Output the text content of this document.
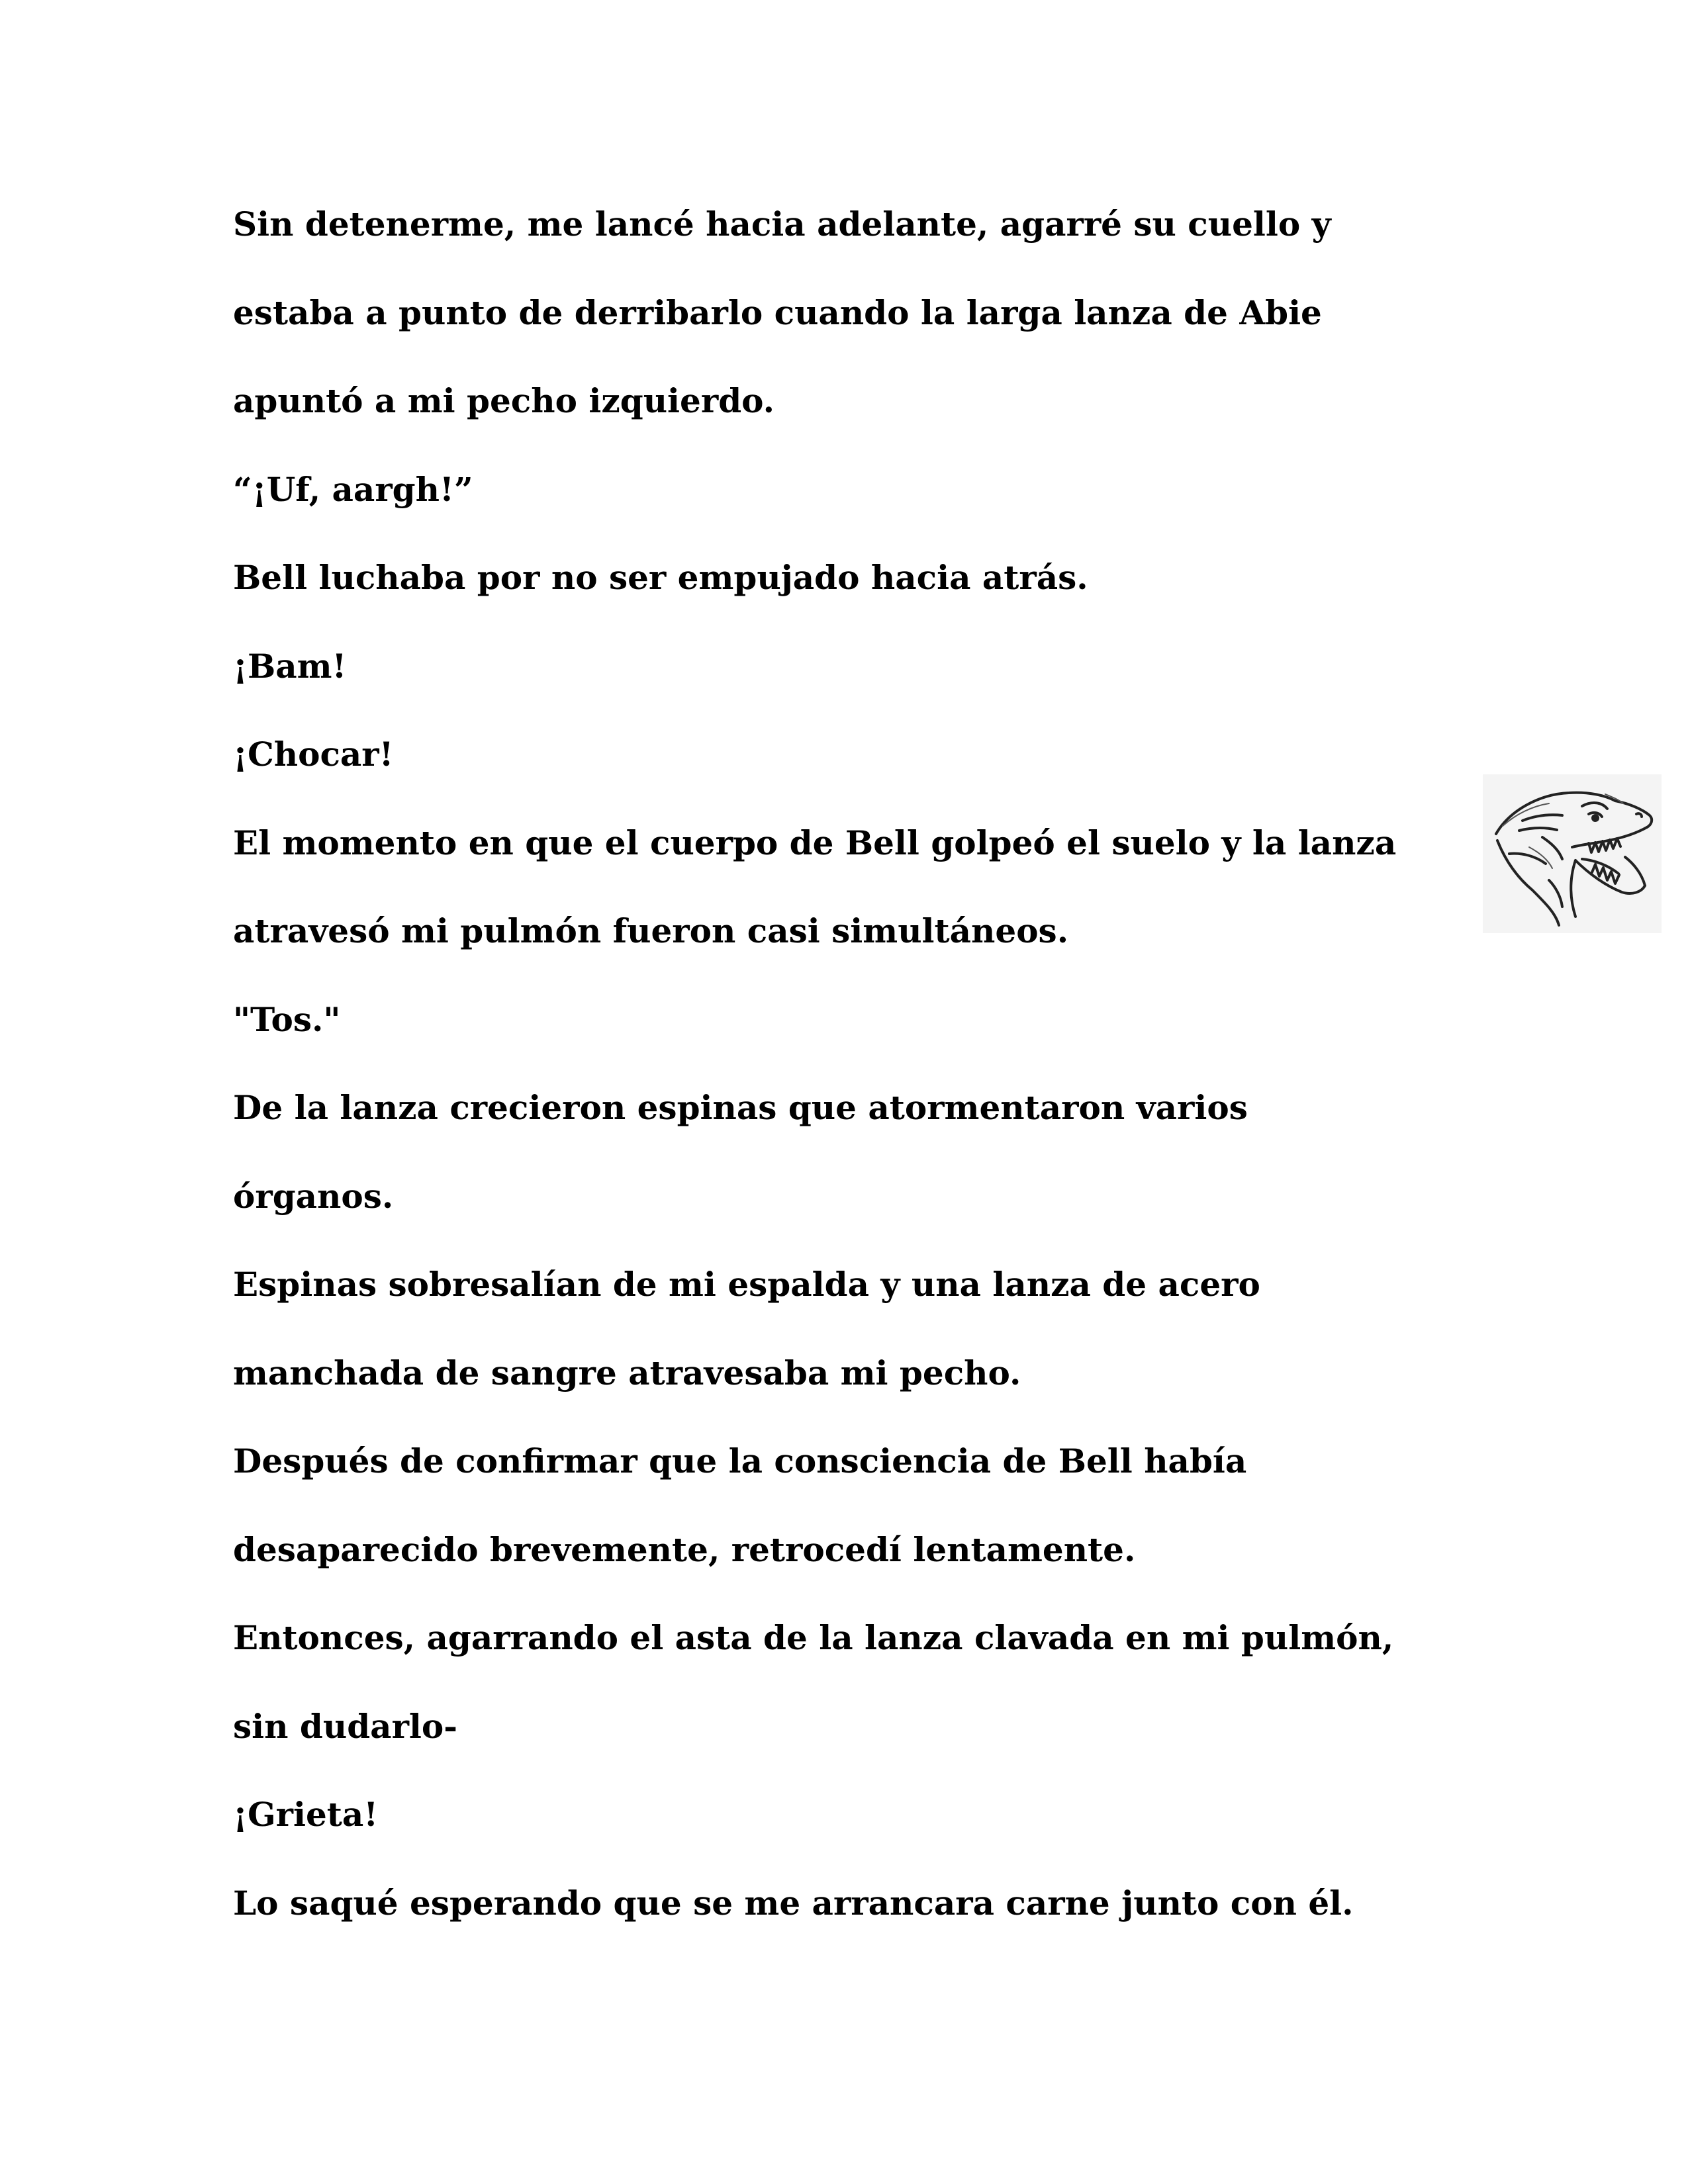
Sin detenerme, me lancé hacia adelante, agarré su cuello y
estaba a punto de derribarlo cuando la larga lanza de Abie
apuntó a mi pecho izquierdo.
“¡Uf, aargh!”
Bell luchaba por no ser empujado hacia atrás.
¡Bam!
¡Chocar!
El momento en que el cuerpo de Bell golpeó el suelo y la lanza
atravesó mi pulmón fueron casi simultáneos.
"Tos."
De la lanza crecieron espinas que atormentaron varios
órganos.
Espinas sobresalían de mi espalda y una lanza de acero
manchada de sangre atravesaba mi pecho.
Después de confirmar que la consciencia de Bell había
desaparecido brevemente, retrocedí lentamente.
Entonces, agarrando el asta de la lanza clavada en mi pulmón,
sin dudarlo-
¡Grieta!
Lo saqué esperando que se me arrancara carne junto con él.
